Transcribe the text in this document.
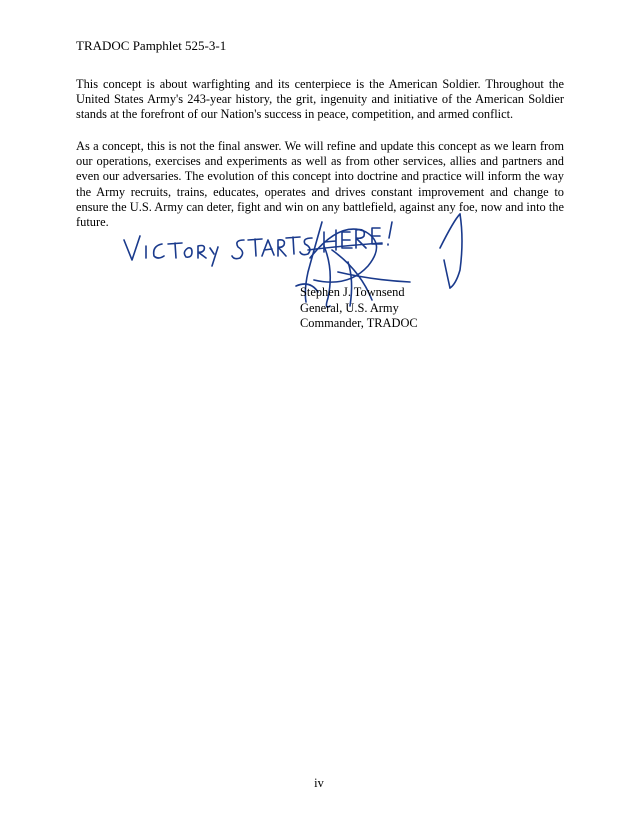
TRADOC Pamphlet 525-3-1

This concept is about warfighting and its centerpiece is the American Soldier. Throughout the United States Army's 243-year history, the grit, ingenuity and initiative of the American Soldier stands at the forefront of our Nation's success in peace, competition, and armed conflict.

As a concept, this is not the final answer. We will refine and update this concept as we learn from our operations, exercises and experiments as well as from other services, allies and partners and even our adversaries. The evolution of this concept into doctrine and practice will inform the way the Army recruits, trains, educates, operates and drives constant improvement and change to ensure the U.S. Army can deter, fight and win on any battlefield, against any foe, now and into the future.

Stephen J. Townsend
General, U.S. Army
Commander, TRADOC
iv
